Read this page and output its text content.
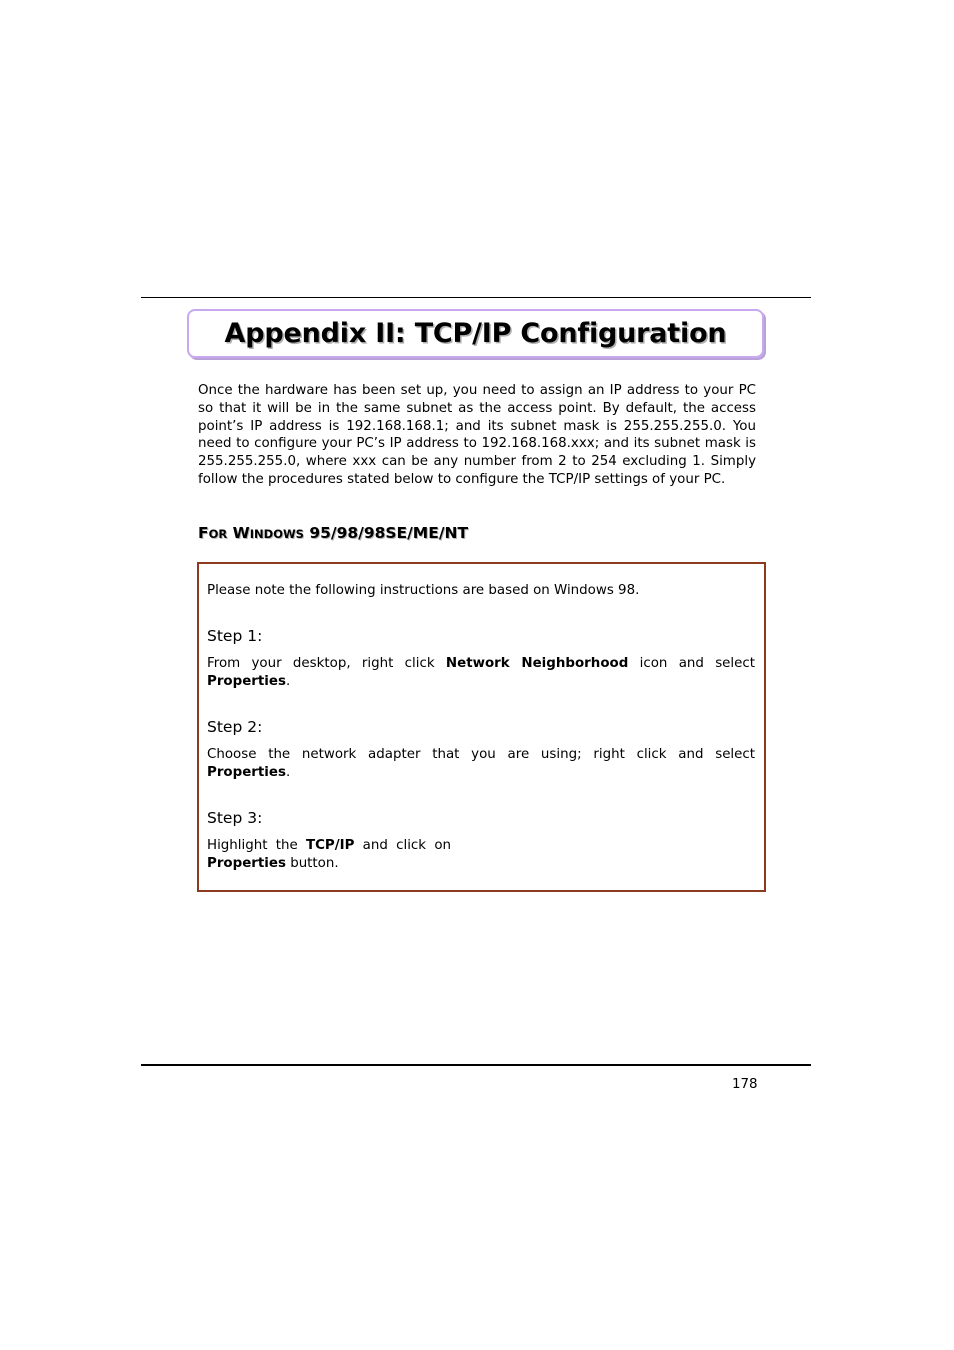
Appendix II: TCP/IP Configuration

Once the hardware has been set up, you need to assign an IP address to your PC so that it will be in the same subnet as the access point. By default, the access point’s IP address is 192.168.168.1; and its subnet mask is 255.255.255.0. You need to configure your PC’s IP address to 192.168.168.xxx; and its subnet mask is 255.255.255.0, where xxx can be any number from 2 to 254 excluding 1. Simply follow the procedures stated below to configure the TCP/IP settings of your PC.

FOR WINDOWS 95/98/98SE/ME/NT

Please note the following instructions are based on Windows 98.

Step 1:

From your desktop, right click Network Neighborhood icon and select Properties.

Step 2:

Choose the network adapter that you are using; right click and select Properties.

Step 3:

Highlight the TCP/IP and click on
Properties button.

178
